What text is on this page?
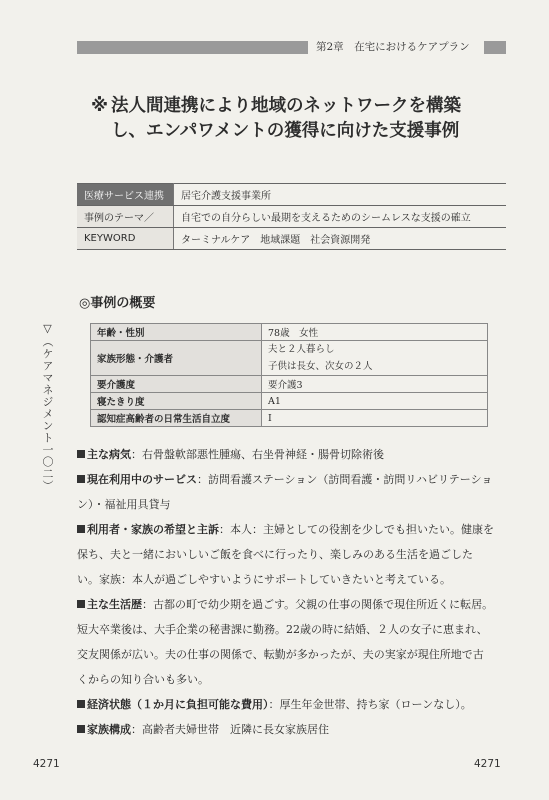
第2章　在宅におけるケアプラン
※ 法人間連携により地域のネットワークを構築
し、エンパワメントの獲得に向けた支援事例
医療サービス連携	居宅介護支援事業所
事例のテーマ／	自宅での自分らしい最期を支えるためのシームレスな支援の確立
KEYWORD	ターミナルケア　地域課題　社会資源開発
◎事例の概要
▽（ケアマネジメント一〇二）	年齢・性別	78歳　女性
家族形態・介護者	夫と２人暮らし
子供は長女、次女の２人

要介護度	要介護3
寝たきり度	A1
認知症高齢者の日常生活自立度	Ⅰ
主な病気：右骨盤軟部悪性腫瘍、右坐骨神経・腸骨切除術後
現在利用中のサービス：訪問看護ステーション（訪問看護・訪問リハビリテーショ
ン）・福祉用具貸与
利用者・家族の希望と主訴：本人：主婦としての役割を少しでも担いたい。健康を
保ち、夫と一緒においしいご飯を食べに行ったり、楽しみのある生活を過ごした
い。家族：本人が過ごしやすいようにサポートしていきたいと考えている。
主な生活歴：古都の町で幼少期を過ごす。父親の仕事の関係で現住所近くに転居。
短大卒業後は、大手企業の秘書課に勤務。22歳の時に結婚、２人の女子に恵まれ、
交友関係が広い。夫の仕事の関係で、転勤が多かったが、夫の実家が現住所地で古
くからの知り合いも多い。
経済状態（１か月に負担可能な費用）：厚生年金世帯、持ち家（ローンなし）。
家族構成：高齢者夫婦世帯　近隣に長女家族居住
4271	4271
